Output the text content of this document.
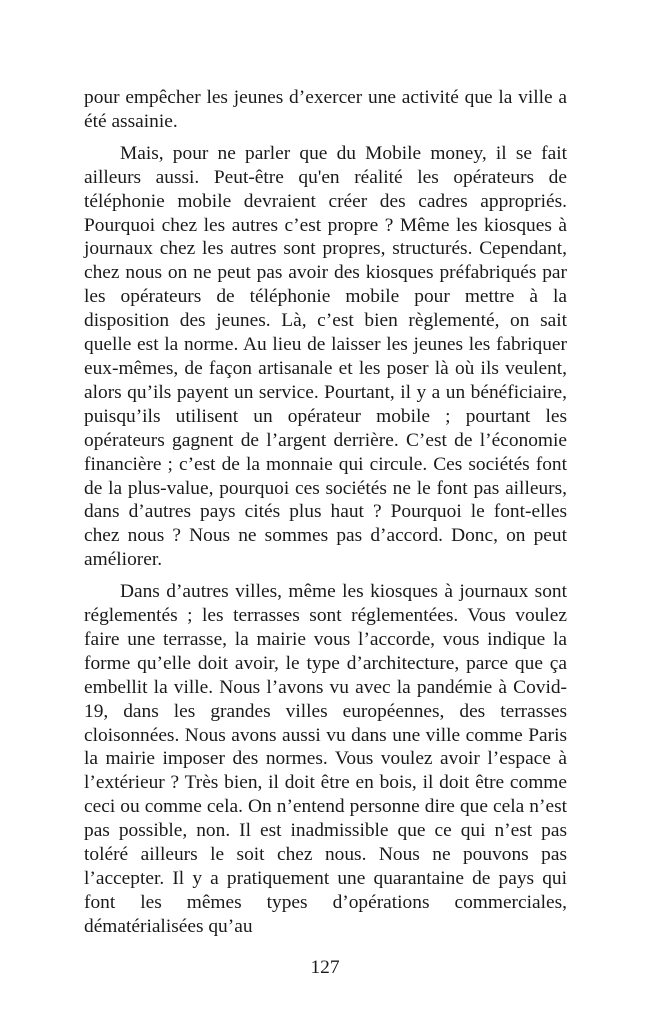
pour empêcher les jeunes d’exercer une activité que la ville a été assainie.

Mais, pour ne parler que du Mobile money, il se fait ailleurs aussi. Peut-être qu'en réalité les opérateurs de téléphonie mobile devraient créer des cadres appropriés. Pourquoi chez les autres c’est propre ? Même les kiosques à journaux chez les autres sont propres, structurés. Cependant, chez nous on ne peut pas avoir des kiosques préfabriqués par les opérateurs de téléphonie mobile pour mettre à la disposition des jeunes. Là, c’est bien règlementé, on sait quelle est la norme. Au lieu de laisser les jeunes les fabriquer eux-mêmes, de façon artisanale et les poser là où ils veulent, alors qu’ils payent un service. Pourtant, il y a un bénéficiaire, puisqu’ils utilisent un opérateur mobile ; pourtant les opérateurs gagnent de l’argent derrière. C’est de l’économie financière ; c’est de la monnaie qui circule. Ces sociétés font de la plus-value, pourquoi ces sociétés ne le font pas ailleurs, dans d’autres pays cités plus haut ? Pourquoi le font-elles chez nous ? Nous ne sommes pas d’accord. Donc, on peut améliorer.

Dans d’autres villes, même les kiosques à journaux sont réglementés ; les terrasses sont réglementées. Vous voulez faire une terrasse, la mairie vous l’accorde, vous indique la forme qu’elle doit avoir, le type d’architecture, parce que ça embellit la ville. Nous l’avons vu avec la pandémie à Covid-19, dans les grandes villes européennes, des terrasses cloisonnées. Nous avons aussi vu dans une ville comme Paris la mairie imposer des normes. Vous voulez avoir l’espace à l’extérieur ? Très bien, il doit être en bois, il doit être comme ceci ou comme cela. On n’entend personne dire que cela n’est pas possible, non. Il est inadmissible que ce qui n’est pas toléré ailleurs le soit chez nous. Nous ne pouvons pas l’accepter. Il y a pratiquement une quarantaine de pays qui font les mêmes types d’opérations commerciales, dématérialisées qu’au

127
